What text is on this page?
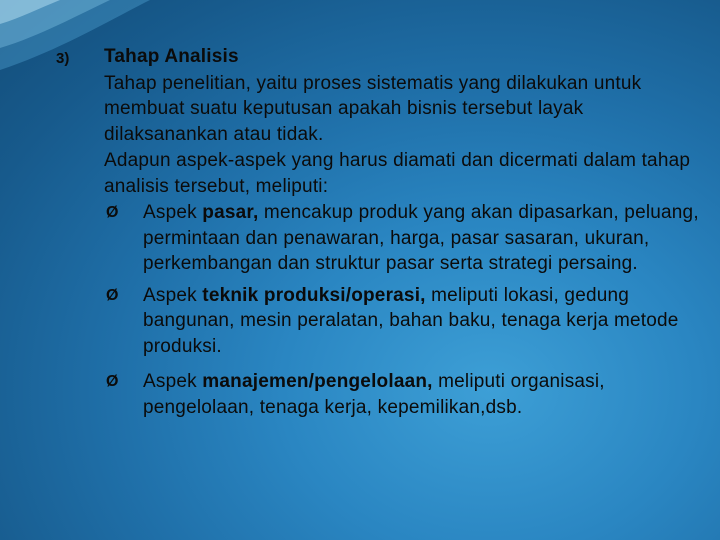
3) Tahap Analisis
Tahap penelitian, yaitu proses sistematis yang dilakukan untuk membuat suatu keputusan apakah bisnis tersebut layak dilaksanankan atau tidak.
Adapun aspek-aspek yang harus diamati dan dicermati dalam tahap analisis tersebut, meliputi:
Ø Aspek pasar, mencakup produk yang akan dipasarkan, peluang, permintaan dan penawaran, harga, pasar sasaran, ukuran, perkembangan dan struktur pasar serta strategi persaing.
Ø Aspek teknik produksi/operasi, meliputi lokasi, gedung bangunan, mesin peralatan, bahan baku, tenaga kerja metode produksi.
Ø Aspek manajemen/pengelolaan, meliputi organisasi, pengelolaan, tenaga kerja, kepemilikan,dsb.
